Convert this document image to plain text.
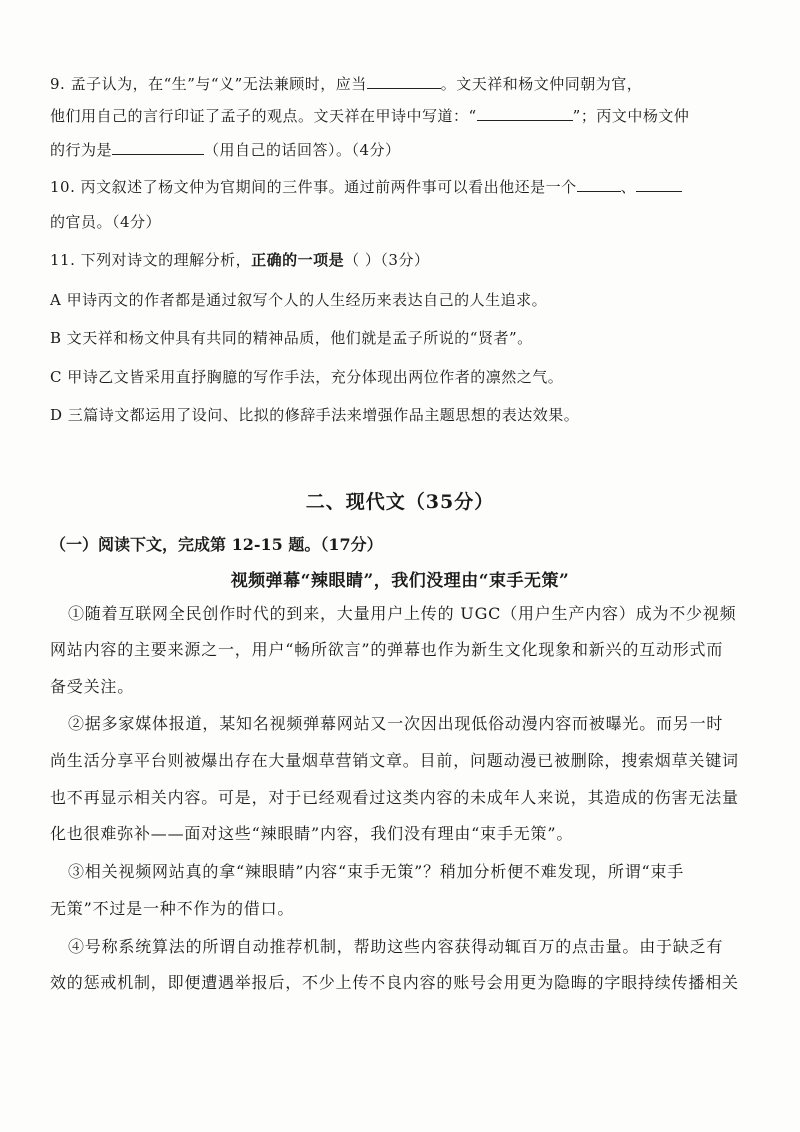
9. 孟子认为，在“生”与“义”无法兼顾时，应当	。文天祥和杨文仲同朝为官，
他们用自己的言行印证了孟子的观点。文天祥在甲诗中写道：“	”；丙文中杨文仲
的行为是	（用自己的话回答）。（4分）
10. 丙文叙述了杨文仲为官期间的三件事。通过前两件事可以看出他还是一个	、
的官员。（4分）
11. 下列对诗文的理解分析，正确的一项是（ ）（3分）
A 甲诗丙文的作者都是通过叙写个人的人生经历来表达自己的人生追求。
B 文天祥和杨文仲具有共同的精神品质，他们就是孟子所说的“贤者”。
C 甲诗乙文皆采用直抒胸臆的写作手法，充分体现出两位作者的凛然之气。
D 三篇诗文都运用了设问、比拟的修辞手法来增强作品主题思想的表达效果。
二、现代文（35分）
（一）阅读下文，完成第 12-15 题。（17分）
视频弹幕“辣眼睛”，我们没理由“束手无策”
①随着互联网全民创作时代的到来，大量用户上传的 UGC（用户生产内容）成为不少视频
网站内容的主要来源之一，用户“畅所欲言”的弹幕也作为新生文化现象和新兴的互动形式而
备受关注。
②据多家媒体报道，某知名视频弹幕网站又一次因出现低俗动漫内容而被曝光。而另一时
尚生活分享平台则被爆出存在大量烟草营销文章。目前，问题动漫已被删除，搜索烟草关键词
也不再显示相关内容。可是，对于已经观看过这类内容的未成年人来说，其造成的伤害无法量
化也很难弥补——面对这些“辣眼睛”内容，我们没有理由“束手无策”。
③相关视频网站真的拿“辣眼睛”内容“束手无策”？稍加分析便不难发现，所谓“束手
无策”不过是一种不作为的借口。
④号称系统算法的所谓自动推荐机制，帮助这些内容获得动辄百万的点击量。由于缺乏有
效的惩戒机制，即便遭遇举报后，不少上传不良内容的账号会用更为隐晦的字眼持续传播相关
